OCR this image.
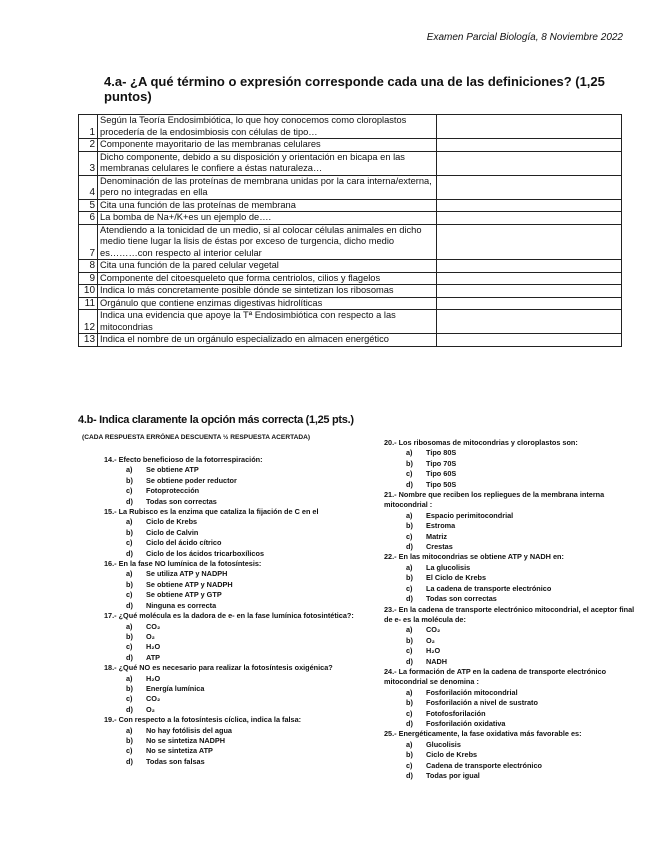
Examen Parcial Biología, 8 Noviembre 2022
4.a- ¿A qué término o expresión corresponde cada una de las definiciones? (1,25 puntos)
1	Según la Teoría Endosimbiótica, lo que hoy conocemos como cloroplastos procedería de la endosimbiosis con células de tipo…	
2	Componente mayoritario de las membranas celulares	
3	Dicho componente, debido a su disposición y orientación en bicapa en las membranas celulares le confiere a éstas naturaleza…	
4	Denominación de las proteínas de membrana unidas por la cara interna/externa, pero no integradas en ella	
5	Cita una función de las proteínas de membrana	
6	La bomba de Na+/K+es un ejemplo de….	
7	Atendiendo a la tonicidad de un medio, si al colocar células animales en dicho medio tiene lugar la lisis de éstas por exceso de turgencia, dicho medio es………con respecto al interior celular	
8	Cita una función de la pared celular vegetal	
9	Componente del citoesqueleto que forma centriolos, cilios y flagelos	
10	Indica lo más concretamente posible dónde se sintetizan los ribosomas	
11	Orgánulo que contiene enzimas digestivas hidrolíticas	
12	Indica una evidencia que apoye la Tª Endosimbiótica con respecto a las mitocondrias	
13	Indica el nombre de un orgánulo especializado en almacen energético	
4.b- Indica claramente la opción más correcta (1,25 pts.)
(CADA RESPUESTA ERRÓNEA DESCUENTA ½ RESPUESTA ACERTADA)
14.- Efecto beneficioso de la fotorrespiración:
a) Se obtiene ATP
b) Se obtiene poder reductor
c) Fotoprotección
d) Todas son correctas
15.- La Rubisco es la enzima que cataliza la fijación de C en el
a) Ciclo de Krebs
b) Ciclo de Calvin
c) Ciclo del ácido cítrico
d) Ciclo de los ácidos tricarboxílicos
16.- En la fase NO lumínica de la fotosíntesis:
a) Se utiliza ATP y NADPH
b) Se obtiene ATP y NADPH
c) Se obtiene ATP y GTP
d) Ninguna es correcta
17.- ¿Qué molécula es la dadora de e- en la fase lumínica fotosintética?:
a) CO₂
b) O₂
c) H₂O
d) ATP
18.- ¿Qué NO es necesario para realizar la fotosíntesis oxigénica?
a) H₂O
b) Energía lumínica
c) CO₂
d) O₂
19.- Con respecto a la fotosíntesis cíclica, indica la falsa:
a) No hay fotólisis del agua
b) No se sintetiza NADPH
c) No se sintetiza ATP
d) Todas son falsas
20.- Los ribosomas de mitocondrias y cloroplastos son:
a) Tipo 80S
b) Tipo 70S
c) Tipo 60S
d) Tipo 50S
21.- Nombre que reciben los repliegues de la membrana interna mitocondrial :
a) Espacio perimitocondrial
b) Estroma
c) Matriz
d) Crestas
22.- En las mitocondrias se obtiene ATP y NADH en:
a) La glucolisis
b) El Ciclo de Krebs
c) La cadena de transporte electrónico
d) Todas son correctas
23.- En la cadena de transporte electrónico mitocondrial, el aceptor final de e- es la molécula de:
a) CO₂
b) O₂
c) H₂O
d) NADH
24.- La formación de ATP en la cadena de transporte electrónico mitocondrial se denomina :
a) Fosforilación mitocondrial
b) Fosforilación a nivel de sustrato
c) Fotofosforilación
d) Fosforilación oxidativa
25.- Energéticamente, la fase oxidativa más favorable es:
a) Glucolisis
b) Ciclo de Krebs
c) Cadena de transporte electrónico
d) Todas por igual
